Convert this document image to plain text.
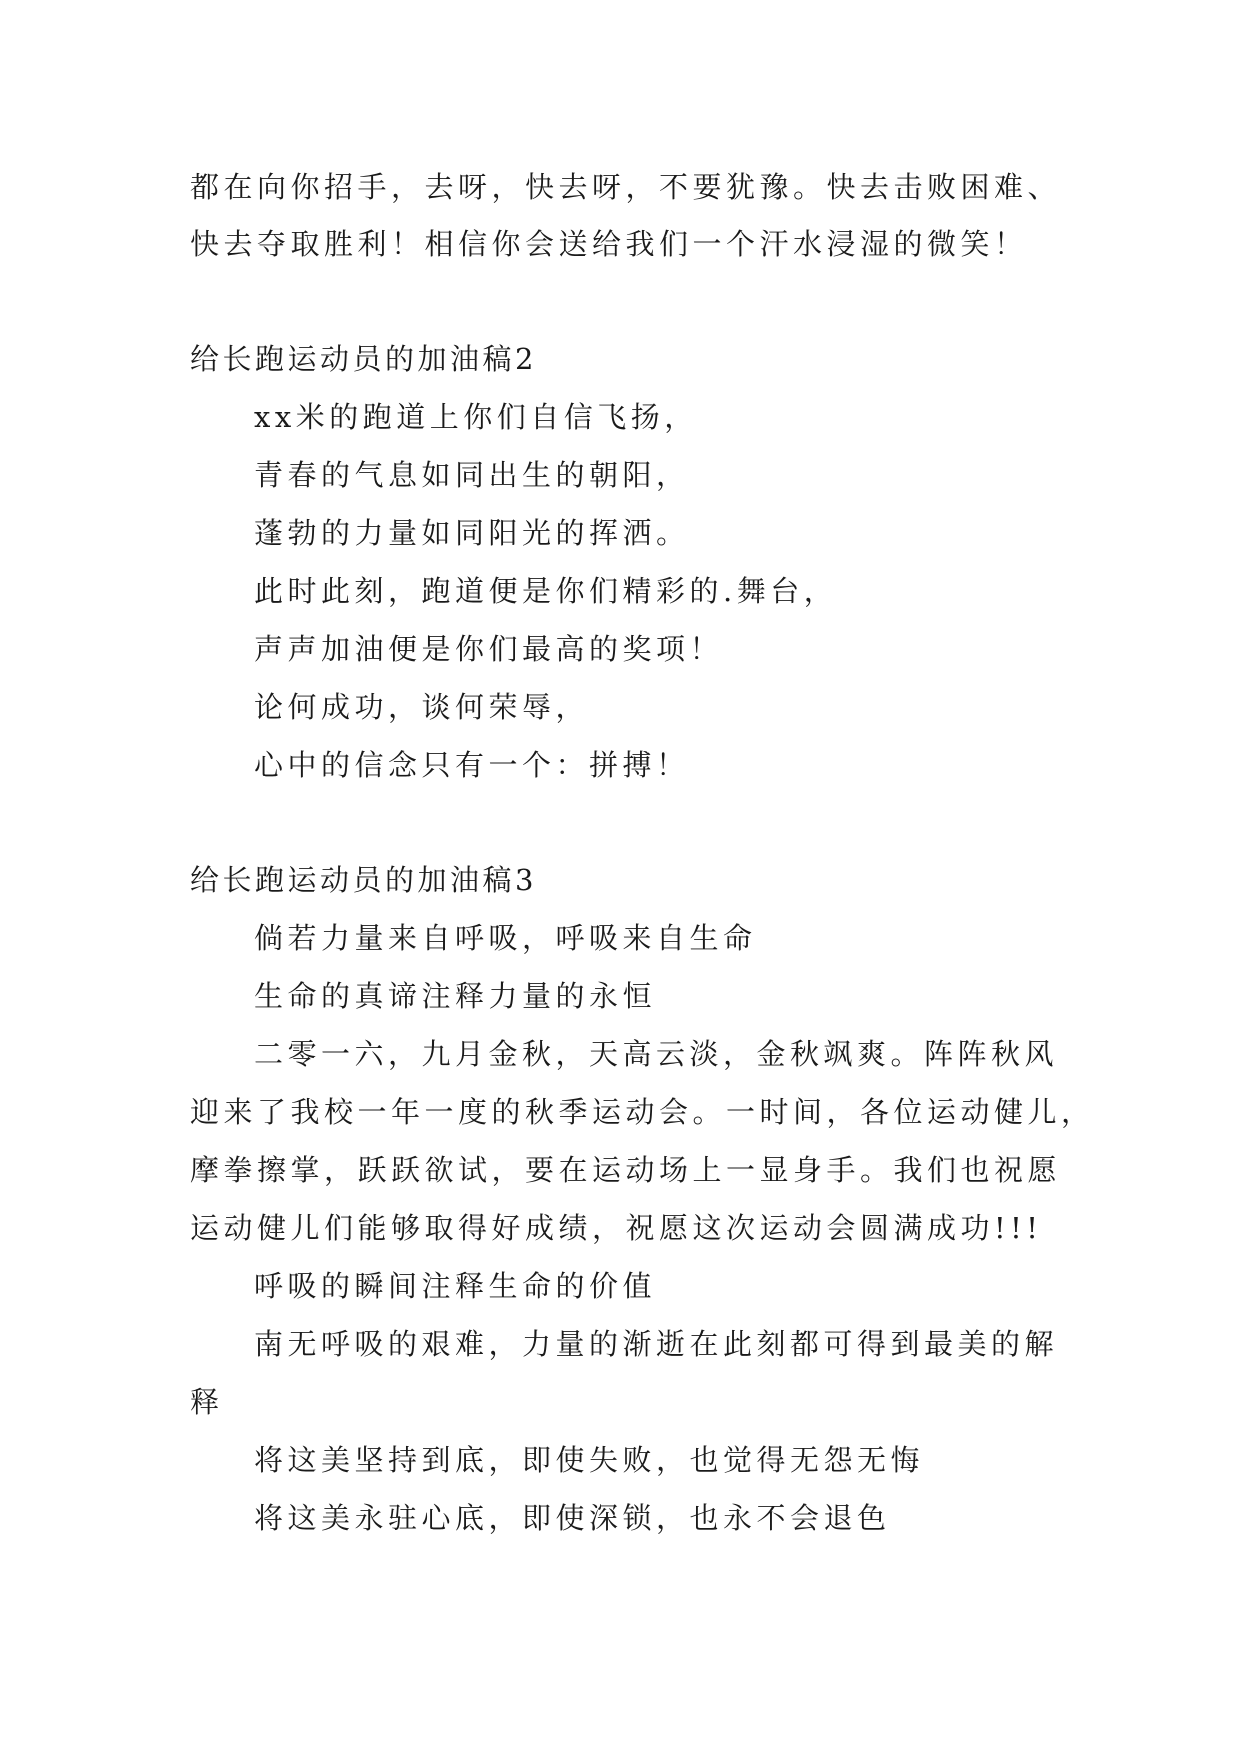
都在向你招手，去呀，快去呀，不要犹豫。快去击败困难、
快去夺取胜利！相信你会送给我们一个汗水浸湿的微笑！
给长跑运动员的加油稿2
xx米的跑道上你们自信飞扬，
青春的气息如同出生的朝阳，
蓬勃的力量如同阳光的挥洒。
此时此刻，跑道便是你们精彩的.舞台，
声声加油便是你们最高的奖项！
论何成功，谈何荣辱，
心中的信念只有一个：拼搏！
给长跑运动员的加油稿3
倘若力量来自呼吸，呼吸来自生命
生命的真谛注释力量的永恒
二零一六，九月金秋，天高云淡，金秋飒爽。阵阵秋风
迎来了我校一年一度的秋季运动会。一时间，各位运动健儿，
摩拳擦掌，跃跃欲试，要在运动场上一显身手。我们也祝愿
运动健儿们能够取得好成绩，祝愿这次运动会圆满成功!!!
呼吸的瞬间注释生命的价值
南无呼吸的艰难，力量的渐逝在此刻都可得到最美的解
释
将这美坚持到底，即使失败，也觉得无怨无悔
将这美永驻心底，即使深锁，也永不会退色
